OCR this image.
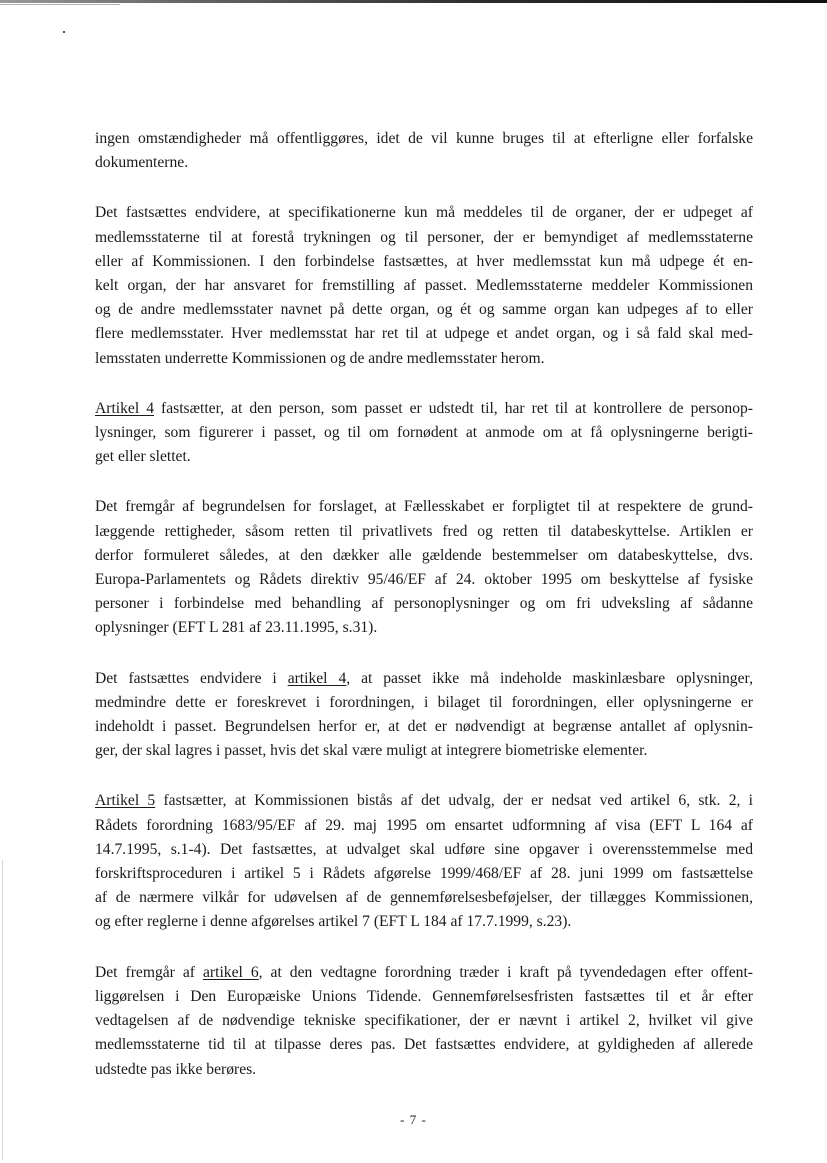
ingen omstændigheder må offentliggøres, idet de vil kunne bruges til at efterligne eller forfalske
dokumenterne.

Det fastsættes endvidere, at specifikationerne kun må meddeles til de organer, der er udpeget af
medlemsstaterne til at forestå trykningen og til personer, der er bemyndiget af medlemsstaterne
eller af Kommissionen. I den forbindelse fastsættes, at hver medlemsstat kun må udpege ét en-
kelt organ, der har ansvaret for fremstilling af passet. Medlemsstaterne meddeler Kommissionen
og de andre medlemsstater navnet på dette organ, og ét og samme organ kan udpeges af to eller
flere medlemsstater. Hver medlemsstat har ret til at udpege et andet organ, og i så fald skal med-
lemsstaten underrette Kommissionen og de andre medlemsstater herom.

Artikel 4 fastsætter, at den person, som passet er udstedt til, har ret til at kontrollere de personop-
lysninger, som figurerer i passet, og til om fornødent at anmode om at få oplysningerne berigti-
get eller slettet.

Det fremgår af begrundelsen for forslaget, at Fællesskabet er forpligtet til at respektere de grund-
læggende rettigheder, såsom retten til privatlivets fred og retten til databeskyttelse. Artiklen er
derfor formuleret således, at den dækker alle gældende bestemmelser om databeskyttelse, dvs.
Europa-Parlamentets og Rådets direktiv 95/46/EF af 24. oktober 1995 om beskyttelse af fysiske
personer i forbindelse med behandling af personoplysninger og om fri udveksling af sådanne
oplysninger (EFT L 281 af 23.11.1995, s.31).

Det fastsættes endvidere i artikel 4, at passet ikke må indeholde maskinlæsbare oplysninger,
medmindre dette er foreskrevet i forordningen, i bilaget til forordningen, eller oplysningerne er
indeholdt i passet. Begrundelsen herfor er, at det er nødvendigt at begrænse antallet af oplysnin-
ger, der skal lagres i passet, hvis det skal være muligt at integrere biometriske elementer.

Artikel 5 fastsætter, at Kommissionen bistås af det udvalg, der er nedsat ved artikel 6, stk. 2, i
Rådets forordning 1683/95/EF af 29. maj 1995 om ensartet udformning af visa (EFT L 164 af
14.7.1995, s.1-4). Det fastsættes, at udvalget skal udføre sine opgaver i overensstemmelse med
forskriftsproceduren i artikel 5 i Rådets afgørelse 1999/468/EF af 28. juni 1999 om fastsættelse
af de nærmere vilkår for udøvelsen af de gennemførelsesbeføjelser, der tillægges Kommissionen,
og efter reglerne i denne afgørelses artikel 7 (EFT L 184 af 17.7.1999, s.23).

Det fremgår af artikel 6, at den vedtagne forordning træder i kraft på tyvendedagen efter offent-
liggørelsen i Den Europæiske Unions Tidende. Gennemførelsesfristen fastsættes til et år efter
vedtagelsen af de nødvendige tekniske specifikationer, der er nævnt i artikel 2, hvilket vil give
medlemsstaterne tid til at tilpasse deres pas. Det fastsættes endvidere, at gyldigheden af allerede
udstedte pas ikke berøres.

- 7 -
